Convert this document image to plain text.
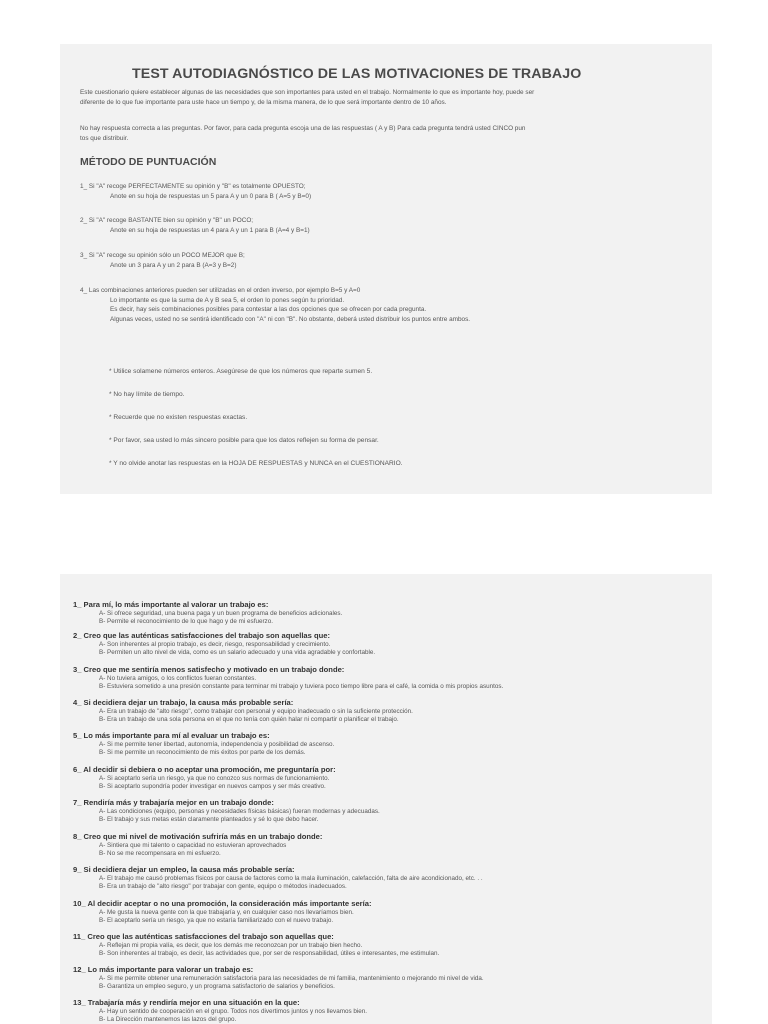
TEST AUTODIAGNÓSTICO DE LAS MOTIVACIONES DE TRABAJO
Este cuestionario quiere establecer algunas de las necesidades que son importantes para usted en el trabajo. Normalmente lo que es importante hoy, puede ser
diferente de lo que fue importante para uste hace un tiempo y, de la misma manera, de lo que será importante dentro de 10 años.
No hay respuesta correcta a las preguntas. Por favor, para cada pregunta escoja una de las respuestas ( A y B) Para cada pregunta tendrá usted CINCO pun
tos que distribuir.
MÉTODO DE PUNTUACIÓN
1_ Si "A" recoge PERFECTAMENTE su opinión y "B" es totalmente OPUESTO;
Anote en su hoja de respuestas un 5 para A y un 0 para B ( A=5 y B=0)
2_ Si "A" recoge BASTANTE bien su opinión y "B" un POCO;
Anote en su hoja de respuestas un 4 para A y un 1 para B (A=4 y B=1)
3_ Si "A" recoge su opinión sólo un POCO MEJOR que B;
Anote un 3 para A y un 2 para B (A=3 y B=2)
4_ Las combinaciones anteriores pueden ser utilizadas en el orden inverso, por ejemplo B=5 y A=0
Lo importante es que la suma de A y B sea 5, el orden lo pones según tu prioridad.
Es decir, hay seis combinaciones posibles para contestar a las dos opciones que se ofrecen por cada pregunta.
Algunas veces, usted no se sentirá identificado con "A" ni con "B". No obstante, deberá usted distribuir los puntos entre ambos.
* Utilice solamene números enteros. Asegúrese de que los números que reparte sumen 5.
* No hay límite de tiempo.
* Recuerde que no existen respuestas exactas.
* Por favor, sea usted lo más sincero posible para que los datos reflejen su forma de pensar.
* Y no olvide anotar las respuestas en la HOJA DE RESPUESTAS y NUNCA en el CUESTIONARIO.
1_ Para mí, lo más importante al valorar un trabajo es:
A- Si ofrece seguridad, una buena paga y un buen programa de beneficios adicionales.
B- Permite el reconocimiento de lo que hago y de mi esfuerzo.
2_ Creo que las auténticas satisfacciones del trabajo son aquellas que:
A- Son inherentes al propio trabajo, es decir, riesgo, responsabilidad y crecimiento.
B- Permiten un alto nivel de vida, como es un salario adecuado y una vida agradable y confortable.
3_ Creo que me sentiría menos satisfecho y motivado en un trabajo donde:
A- No tuviera amigos, o los conflictos fueran constantes.
B- Estuviera sometido a una presión constante para terminar mi trabajo y tuviera poco tiempo libre para el café, la comida o mis propios asuntos.
4_ Si decidiera dejar un trabajo, la causa más probable sería:
A- Era un trabajo de "alto riesgo", como trabajar con personal y equipo inadecuado o sin la suficiente protección.
B- Era un trabajo de una sola persona en el que no tenía con quién halar ni compartir o planificar el trabajo.
5_ Lo más importante para mí al evaluar un trabajo es:
A- Si me permite tener libertad, autonomía, independencia y posibilidad de ascenso.
B- Si me permite un reconocimiento de mis éxitos por parte de los demás.
6_ Al decidir si debiera o no aceptar una promoción, me preguntaría por:
A- Si aceptarlo sería un riesgo, ya que no conozco sus normas de funcionamiento.
B- Si aceptarlo supondría poder investigar en nuevos campos y ser más creativo.
7_ Rendiría más y trabajaría mejor en un trabajo donde:
A- Las condiciones (equipo, personas y necesidades físicas básicas) fueran modernas y adecuadas.
B- El trabajo y sus metas están claramente planteados y sé lo que debo hacer.
8_ Creo que mi nivel de motivación sufriría más en un trabajo donde:
A- Sintiera que mi talento o capacidad no estuvieran aprovechados
B- No se me recompensara en mi esfuerzo.
9_ Si decidiera dejar un empleo, la causa más probable sería:
A- El trabajo me causó problemas físicos por causa de factores como la mala iluminación, calefacción, falta de aire acondicionado, etc. . .
B- Era un trabajo de "alto riesgo" por trabajar con gente, equipo o métodos inadecuados.
10_ Al decidir aceptar o no una promoción, la consideración más importante sería:
A- Me gusta la nueva gente con la que trabajaría y, en cualquier caso nos llevaríamos bien.
B- El aceptarlo sería un riesgo, ya que no estaría familiarizado con el nuevo trabajo.
11_ Creo que las auténticas satisfacciones del trabajo son aquellas que:
A- Reflejan mi propia valía, es decir, que los demás me reconozcan por un trabajo bien hecho.
B- Son inherentes al trabajo, es decir, las actividades que, por ser de responsabilidad, útiles e interesantes, me estimulan.
12_ Lo más importante para valorar un trabajo es:
A- Si me permite obtener una remuneración satisfactoria para las necesidades de mi familia, mantenimiento o mejorando mi nivel de vida.
B- Garantiza un empleo seguro, y un programa satisfactorio de salarios y beneficios.
13_ Trabajaría más y rendiría mejor en una situación en la que:
A- Hay un sentido de cooperación en el grupo. Todos nos divertimos juntos y nos llevamos bien.
B- La Dirección mantenemos las lazos del grupo.
